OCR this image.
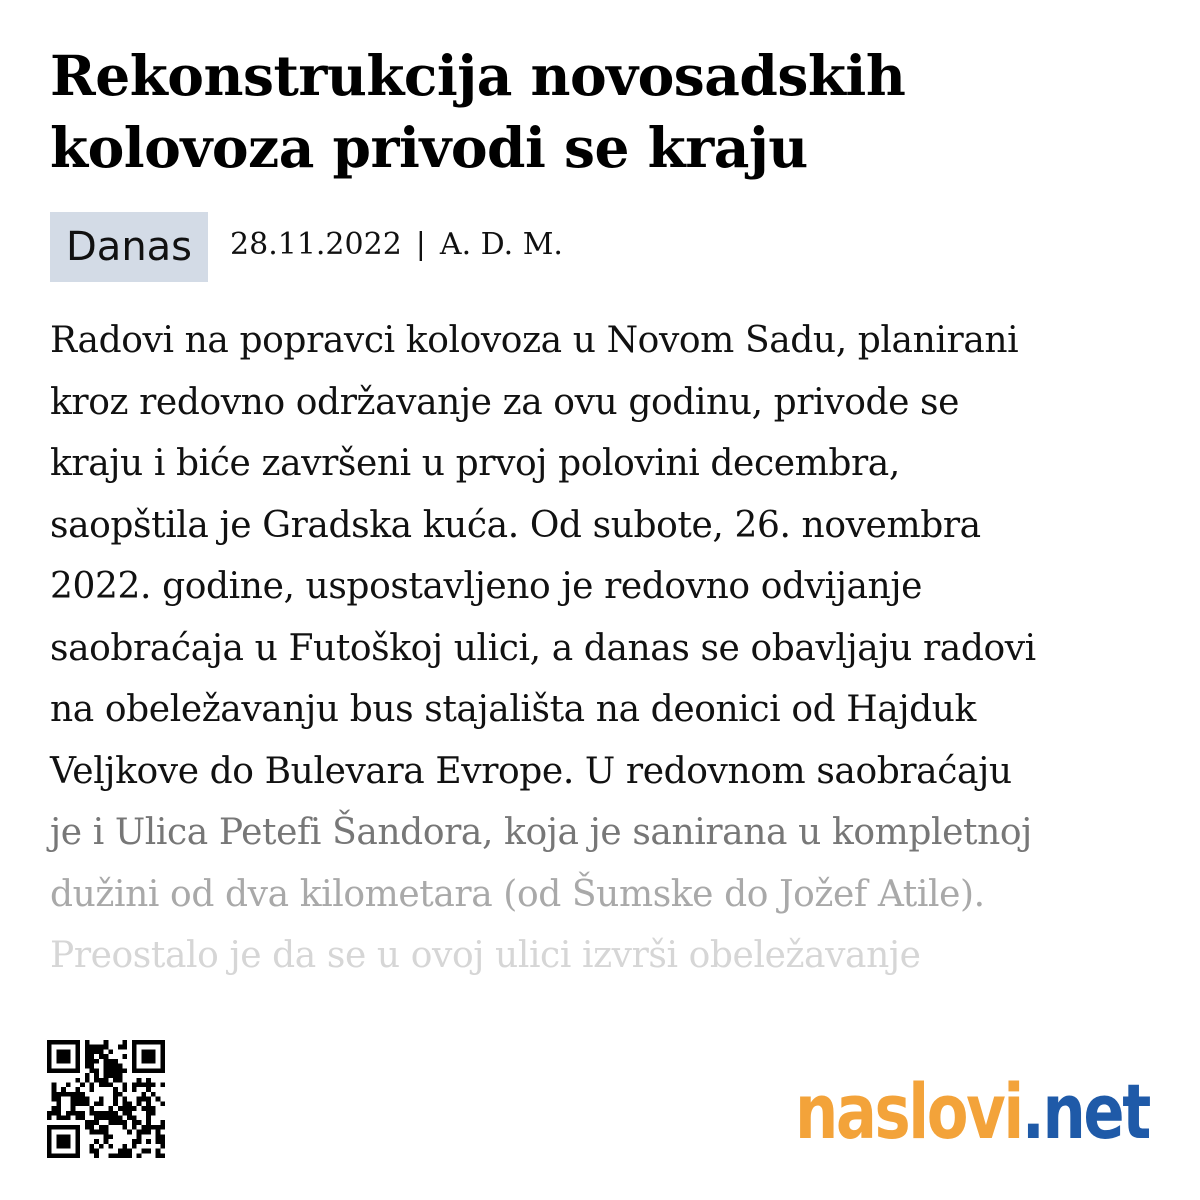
Rekonstrukcija novosadskih
kolovoza privodi se kraju
Danas	28.11.2022 | A. D. M.
Radovi na popravci kolovoza u Novom Sadu, planirani
kroz redovno održavanje za ovu godinu, privode se
kraju i biće završeni u prvoj polovini decembra,
saopštila je Gradska kuća. Od subote, 26. novembra
2022. godine, uspostavljeno je redovno odvijanje
saobraćaja u Futoškoj ulici, a danas se obavljaju radovi
na obeležavanju bus stajališta na deonici od Hajduk
Veljkove do Bulevara Evrope. U redovnom saobraćaju
je i Ulica Petefi Šandora, koja je sanirana u kompletnoj
dužini od dva kilometara (od Šumske do Jožef Atile).
Preostalo je da se u ovoj ulici izvrši obeležavanje
naslovi.net
